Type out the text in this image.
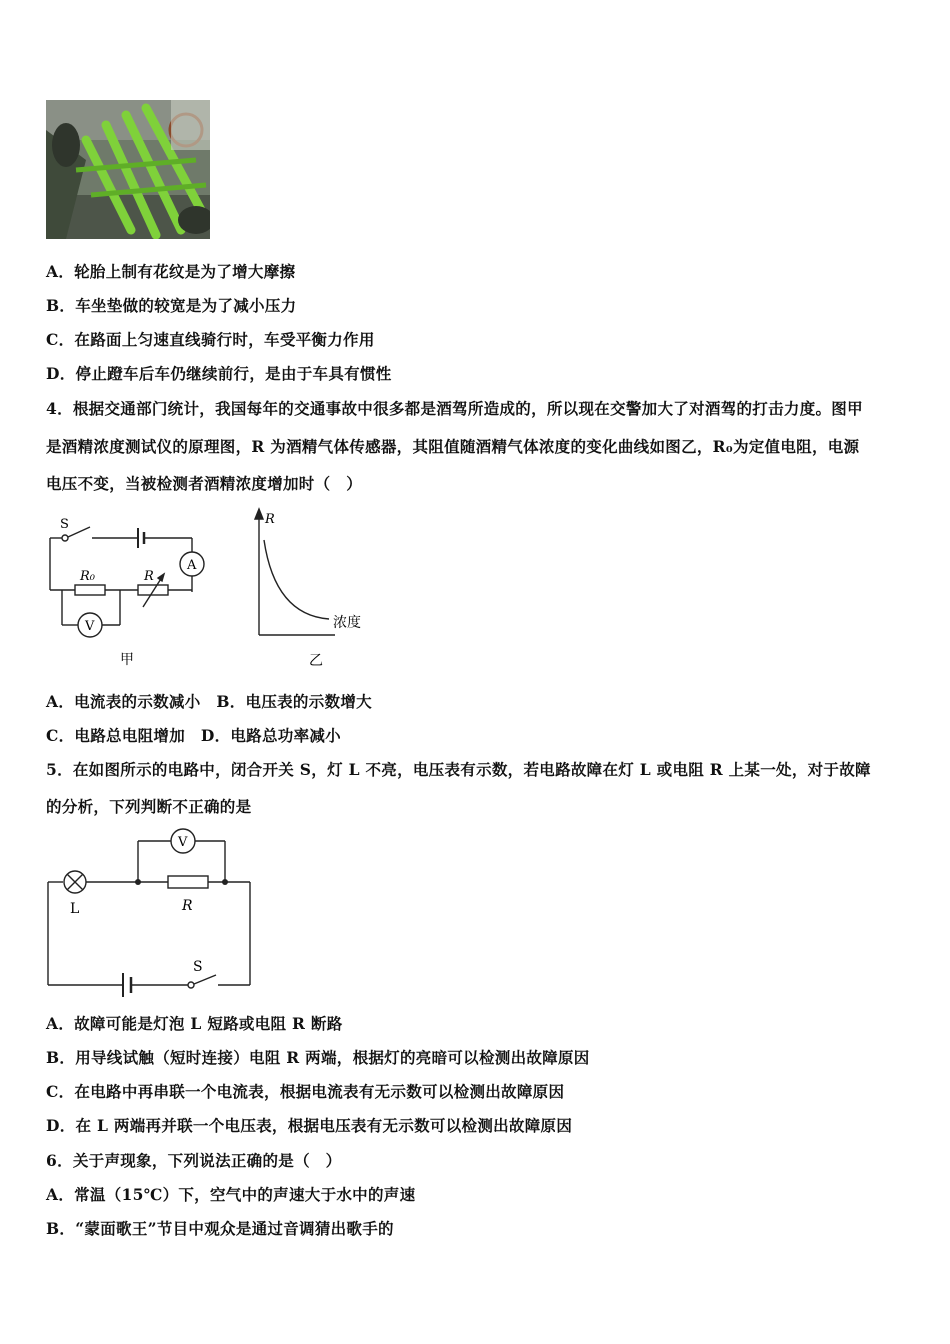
A．轮胎上制有花纹是为了增大摩擦
B．车坐垫做的较宽是为了减小压力
C．在路面上匀速直线骑行时，车受平衡力作用
D．停止蹬车后车仍继续前行，是由于车具有惯性
4．根据交通部门统计，我国每年的交通事故中很多都是酒驾所造成的，所以现在交警加大了对酒驾的打击力度。图甲
是酒精浓度测试仪的原理图，R 为酒精气体传感器，其阻值随酒精气体浓度的变化曲线如图乙，R₀为定值电阻，电源
电压不变，当被检测者酒精浓度增加时（　）
S
A
V
R₀	R
甲
R
浓度
乙
A．电流表的示数减小　B．电压表的示数增大
C．电路总电阻增加　D．电路总功率减小
5．在如图所示的电路中，闭合开关 S，灯 L 不亮，电压表有示数，若电路故障在灯 L 或电阻 R 上某一处，对于故障
的分析，下列判断不正确的是
V
L	R
S
A．故障可能是灯泡 L 短路或电阻 R 断路
B．用导线试触（短时连接）电阻 R 两端，根据灯的亮暗可以检测出故障原因
C．在电路中再串联一个电流表，根据电流表有无示数可以检测出故障原因
D．在 L 两端再并联一个电压表，根据电压表有无示数可以检测出故障原因
6．关于声现象，下列说法正确的是（　）
A．常温（15℃）下，空气中的声速大于水中的声速
B．“蒙面歌王”节目中观众是通过音调猜出歌手的
